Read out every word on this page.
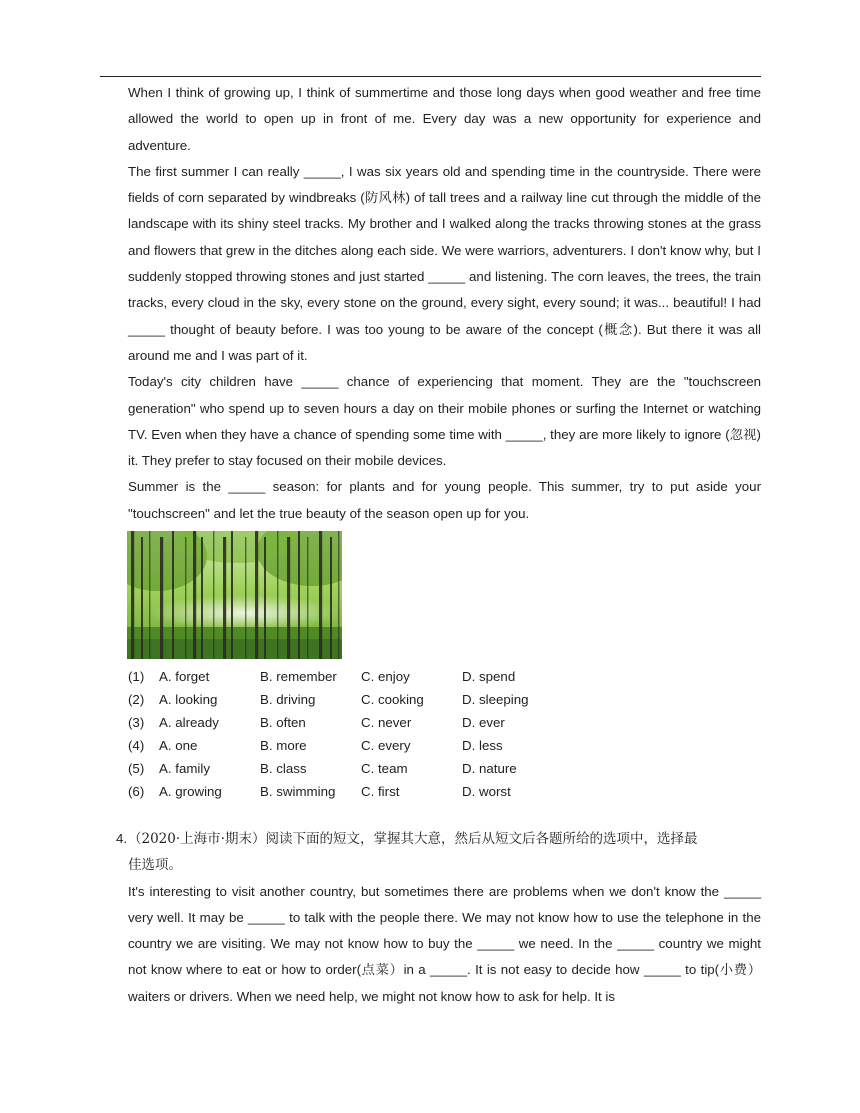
When I think of growing up, I think of summertime and those long days when good weather and free time allowed the world to open up in front of me. Every day was a new opportunity for experience and adventure.

The first summer I can really _____, I was six years old and spending time in the countryside. There were fields of corn separated by windbreaks (防风林) of tall trees and a railway line cut through the middle of the landscape with its shiny steel tracks. My brother and I walked along the tracks throwing stones at the grass and flowers that grew in the ditches along each side. We were warriors, adventurers. I don't know why, but I suddenly stopped throwing stones and just started _____ and listening. The corn leaves, the trees, the train tracks, every cloud in the sky, every stone on the ground, every sight, every sound; it was... beautiful! I had _____ thought of beauty before. I was too young to be aware of the concept (概念). But there it was all around me and I was part of it.

Today's city children have _____ chance of experiencing that moment. They are the "touchscreen generation" who spend up to seven hours a day on their mobile phones or surfing the Internet or watching TV. Even when they have a chance of spending some time with _____, they are more likely to ignore (忽视) it. They prefer to stay focused on their mobile devices.

Summer is the _____ season: for plants and for young people. This summer, try to put aside your "touchscreen" and let the true beauty of the season open up for you.

(1) A. forget	B. remember C. enjoy	D. spend
(2) A. looking	B. driving	C. cooking	D. sleeping
(3) A. already	B. often	C. never	D. ever
(4) A. one	B. more	C. every	D. less
(5) A. family	B. class	C. team	D. nature
(6) A. growing	B. swimming C. first	D. worst

4.（2020·上海市·期末）阅读下面的短文，掌握其大意，然后从短文后各题所给的选项中，选择最

佳选项。

It's interesting to visit another country, but sometimes there are problems when we don't know the _____ very well. It may be _____ to talk with the people there. We may not know how to use the telephone in the country we are visiting. We may not know how to buy the _____ we need. In the _____ country we might not know where to eat or how to order(点菜）in a _____. It is not easy to decide how _____ to tip(小费） waiters or drivers. When we need help, we might not know how to ask for help. It is
